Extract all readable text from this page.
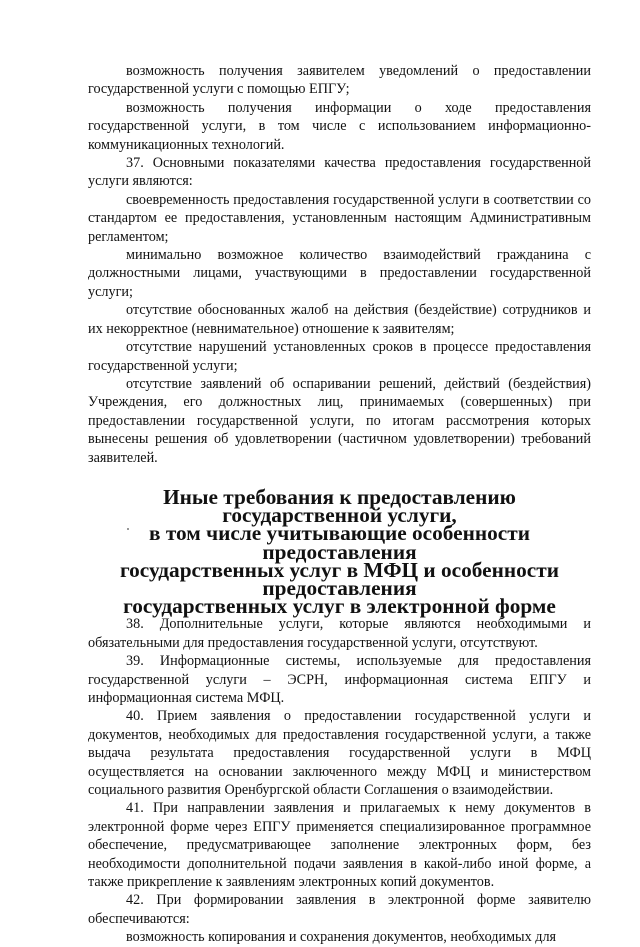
возможность получения заявителем уведомлений о предоставлении государственной услуги с помощью ЕПГУ;

возможность получения информации о ходе предоставления государственной услуги, в том числе с использованием информационно-коммуникационных технологий.

37. Основными показателями качества предоставления государственной услуги являются:

своевременность предоставления государственной услуги в соответствии со стандартом ее предоставления, установленным настоящим Административным регламентом;

минимально возможное количество взаимодействий гражданина с должностными лицами, участвующими в предоставлении государственной услуги;

отсутствие обоснованных жалоб на действия (бездействие) сотрудников и их некорректное (невнимательное) отношение к заявителям;

отсутствие нарушений установленных сроков в процессе предоставления государственной услуги;

отсутствие заявлений об оспаривании решений, действий (бездействия) Учреждения, его должностных лиц, принимаемых (совершенных) при предоставлении государственной услуги, по итогам рассмотрения которых вынесены решения об удовлетворении (частичном удовлетворении) требований заявителей.

Иные требования к предоставлению государственной услуги,
в том числе учитывающие особенности предоставления
государственных услуг в МФЦ и особенности предоставления
государственных услуг в электронной форме

38. Дополнительные услуги, которые являются необходимыми и обязательными для предоставления государственной услуги, отсутствуют.

39. Информационные системы, используемые для предоставления государственной услуги – ЭСРН, информационная система ЕПГУ и информационная система МФЦ.

40. Прием заявления о предоставлении государственной услуги и документов, необходимых для предоставления государственной услуги, а также выдача результата предоставления государственной услуги в МФЦ осуществляется на основании заключенного между МФЦ и министерством социального развития Оренбургской области Соглашения о взаимодействии.

41. При направлении заявления и прилагаемых к нему документов в электронной форме через ЕПГУ применяется специализированное программное обеспечение, предусматривающее заполнение электронных форм, без необходимости дополнительной подачи заявления в какой-либо иной форме, а также прикрепление к заявлениям электронных копий документов.

42. При формировании заявления в электронной форме заявителю обеспечиваются:

возможность копирования и сохранения документов, необходимых для
